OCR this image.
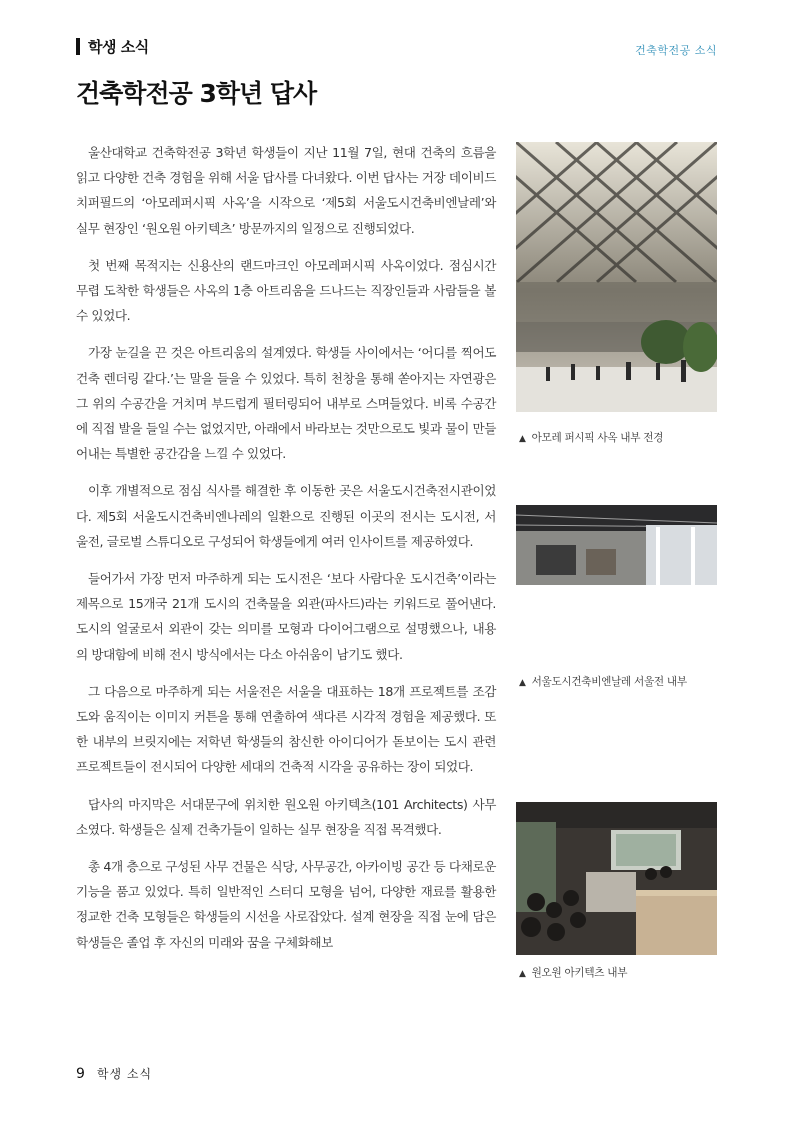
학생 소식	건축학전공 소식
건축학전공 3학년 답사

울산대학교 건축학전공 3학년 학생들이 지난 11월 7일, 현대 건축의 흐름을 읽고 다양한 건축 경험을 위해 서울 답사를 다녀왔다. 이번 답사는 거장 데이비드 치퍼필드의 ‘아모레퍼시픽 사옥’을 시작으로 ‘제5회 서울도시건축비엔날레’와 실무 현장인 ‘원오원 아키텍츠’ 방문까지의 일정으로 진행되었다.

첫 번째 목적지는 신용산의 랜드마크인 아모레퍼시픽 사옥이었다. 점심시간 무렵 도착한 학생들은 사옥의 1층 아트리움을 드나드는 직장인들과 사람들을 볼 수 있었다.

가장 눈길을 끈 것은 아트리움의 설계였다. 학생들 사이에서는 ‘어디를 찍어도 건축 렌더링 같다.’는 말을 들을 수 있었다. 특히 천창을 통해 쏟아지는 자연광은 그 위의 수공간을 거치며 부드럽게 필터링되어 내부로 스며들었다. 비록 수공간에 직접 발을 들일 수는 없었지만, 아래에서 바라보는 것만으로도 빛과 물이 만들어내는 특별한 공간감을 느낄 수 있었다.

이후 개별적으로 점심 식사를 해결한 후 이동한 곳은 서울도시건축전시관이었다. 제5회 서울도시건축비엔나레의 일환으로 진행된 이곳의 전시는 도시전, 서울전, 글로벌 스튜디오로 구성되어 학생들에게 여러 인사이트를 제공하였다.

들어가서 가장 먼저 마주하게 되는 도시전은 ‘보다 사람다운 도시건축’이라는 제목으로 15개국 21개 도시의 건축물을 외관(파사드)라는 키워드로 풀어낸다. 도시의 얼굴로서 외관이 갖는 의미를 모형과 다이어그램으로 설명했으나, 내용의 방대함에 비해 전시 방식에서는 다소 아쉬움이 남기도 했다.

그 다음으로 마주하게 되는 서울전은 서울을 대표하는 18개 프로젝트를 조감도와 움직이는 이미지 커튼을 통해 연출하여 색다른 시각적 경험을 제공했다. 또한 내부의 브릿지에는 저학년 학생들의 참신한 아이디어가 돋보이는 도시 관련 프로젝트들이 전시되어 다양한 세대의 건축적 시각을 공유하는 장이 되었다.

답사의 마지막은 서대문구에 위치한 원오원 아키텍츠(101 Architects) 사무소였다. 학생들은 실제 건축가들이 일하는 실무 현장을 직접 목격했다.

총 4개 층으로 구성된 사무 건물은 식당, 사무공간, 아카이빙 공간 등 다채로운 기능을 품고 있었다. 특히 일반적인 스터디 모형을 넘어, 다양한 재료를 활용한 정교한 건축 모형들은 학생들의 시선을 사로잡았다. 설계 현장을 직접 눈에 담은 학생들은 졸업 후 자신의 미래와 꿈을 구체화해보

▲ 아모레 퍼시픽 사옥 내부 전경
▲ 서울도시건축비엔날레 서울전 내부
▲ 원오원 아키텍츠 내부
9 학생 소식
